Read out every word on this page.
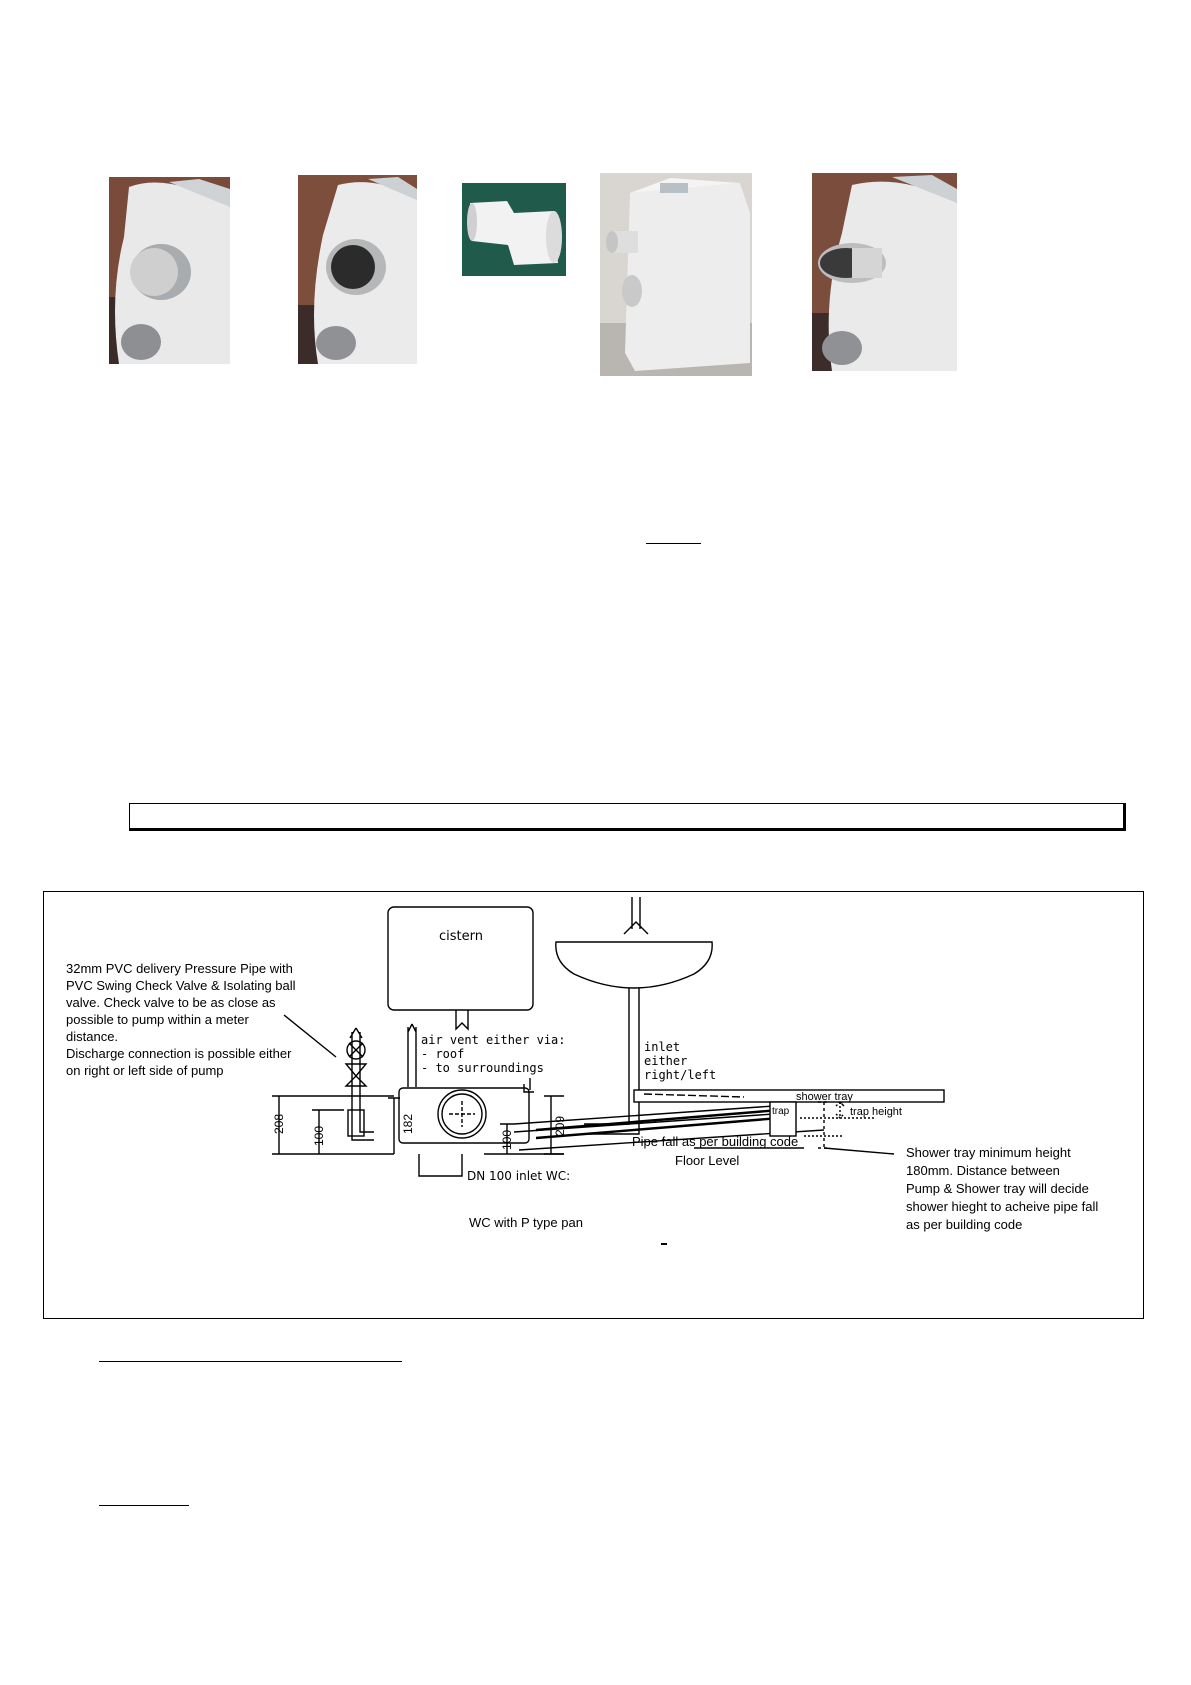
32mm PVC delivery Pressure Pipe with PVC Swing Check Valve & Isolating ball valve. Check valve to be as close as possible to pump within a meter distance. Discharge connection is possible either on right or left side of pump
cistern
air vent either via: - roof - to surroundings
inlet either right/left
shower tray
trap	trap height
Pipe fall as per building code
Floor Level
DN 100 inlet WC:
WC with P type pan
208
100
182	209
100
Shower tray minimum height 180mm. Distance between Pump & Shower tray will decide shower hieght to acheive pipe fall as per building code
